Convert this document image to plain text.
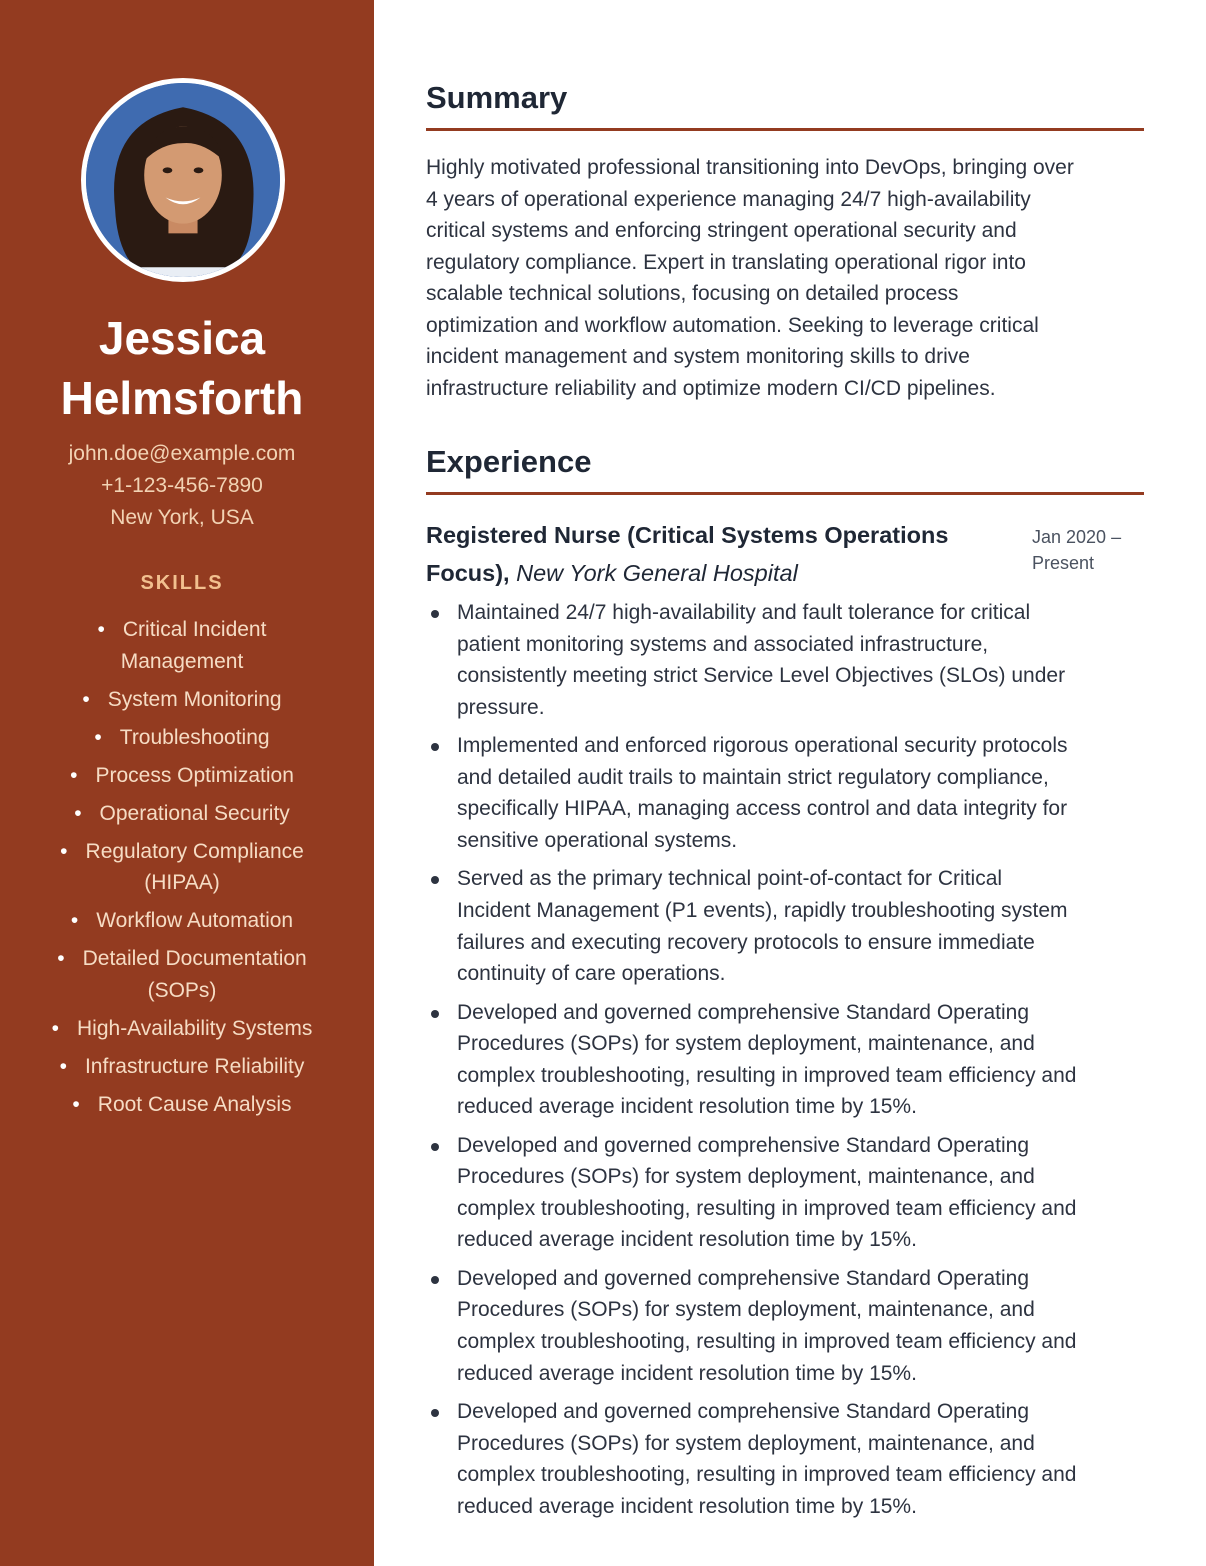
Jessica
Helmsforth
john.doe@example.com
+1-123-456-7890
New York, USA
SKILLS
• Critical Incident
Management
• System Monitoring
• Troubleshooting
• Process Optimization
• Operational Security
• Regulatory Compliance
(HIPAA)
• Workflow Automation
• Detailed Documentation
(SOPs)
• High-Availability Systems
• Infrastructure Reliability
• Root Cause Analysis
Summary
Highly motivated professional transitioning into DevOps, bringing over
4 years of operational experience managing 24/7 high-availability
critical systems and enforcing stringent operational security and
regulatory compliance. Expert in translating operational rigor into
scalable technical solutions, focusing on detailed process
optimization and workflow automation. Seeking to leverage critical
incident management and system monitoring skills to drive
infrastructure reliability and optimize modern CI/CD pipelines.
Experience
Registered Nurse (Critical Systems Operations
Focus), New York General Hospital
Jan 2020 –
Present
Maintained 24/7 high-availability and fault tolerance for critical
patient monitoring systems and associated infrastructure,
consistently meeting strict Service Level Objectives (SLOs) under
pressure.
Implemented and enforced rigorous operational security protocols
and detailed audit trails to maintain strict regulatory compliance,
specifically HIPAA, managing access control and data integrity for
sensitive operational systems.
Served as the primary technical point-of-contact for Critical
Incident Management (P1 events), rapidly troubleshooting system
failures and executing recovery protocols to ensure immediate
continuity of care operations.
Developed and governed comprehensive Standard Operating
Procedures (SOPs) for system deployment, maintenance, and
complex troubleshooting, resulting in improved team efficiency and
reduced average incident resolution time by 15%.
Developed and governed comprehensive Standard Operating
Procedures (SOPs) for system deployment, maintenance, and
complex troubleshooting, resulting in improved team efficiency and
reduced average incident resolution time by 15%.
Developed and governed comprehensive Standard Operating
Procedures (SOPs) for system deployment, maintenance, and
complex troubleshooting, resulting in improved team efficiency and
reduced average incident resolution time by 15%.
Developed and governed comprehensive Standard Operating
Procedures (SOPs) for system deployment, maintenance, and
complex troubleshooting, resulting in improved team efficiency and
reduced average incident resolution time by 15%.
